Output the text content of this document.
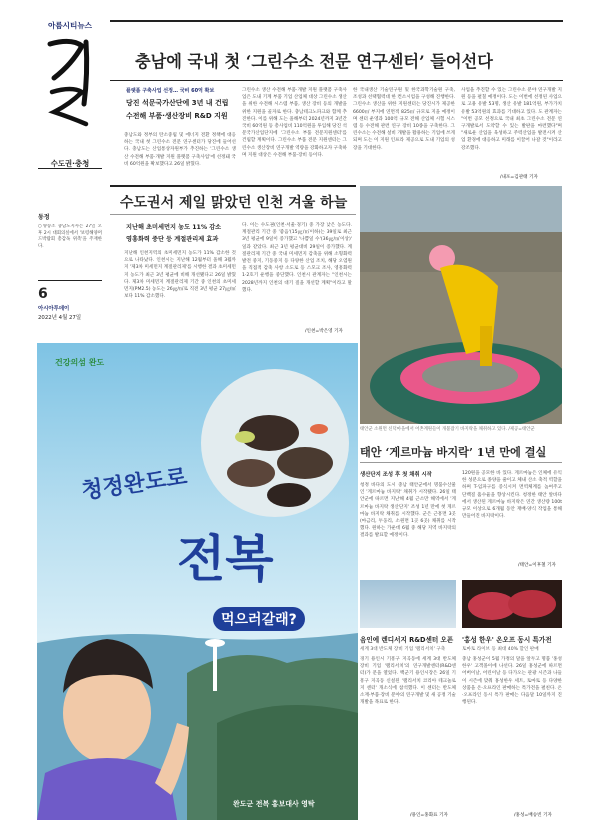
아름시티뉴스
수도권·충청
동정
○양승조 충남도지사는 27일 오후 2시 대회의실에서 '보령해양머드박람회 총감독 위촉'을 주재한다.
6
아시아투데이
2022년 4월 27일
충남에 국내 첫 ‘그린수소 전문 연구센터’ 들어선다
플랫폼 구축사업 선정… 국비 60억 확보
당진 석문국가산단에 3년 내 건립
수전해 부품·생산장비 R&D 지원
충남도와 정부의 탄소중립 및 에너지 전환 정책에 대응하는 국내 첫 그린수소 전문 연구센터가 당진에 들어선다. 충남도는 산업통상자원부가 추진하는 '그린수소 생산 수전해 부품·개발 지원 플랫폼 구축사업'에 선정돼 국비 60억원을 확보했다고 26일 밝혔다.
그린수소 생산 수전해 부품·개발 지원 플랫폼 구축사업은 도내 기계 부품 기업 산업체 대상 그린수소 생산을 위한 수전해 시스템 부품, 생산 장비 등의 개발을 위한 지원을 골자로 한다. 충남테크노파크와 함께 추진한다. 이를 위해 도는 올해부터 2024년까지 3년간 국비 60억원 등 총사업비 110억원을 투입해 당진 석문국가산업단지에 '그린수소 부품 전문지원센터'를 건립할 계획이다. 그린수소 부품 전문 지원센터는 그린수소 생산장비 연구개발 역량을 강화하고자 구축하며 지원 대상은 수전해 부품·장비 등이다.
한 국내생산 기술연구원 및 한국과학기술원 구축, 조성과 선택협력대 한 컨소시엄을 구성해 진행한다. 그린수소 생산을 위한 지원센터는 당진시가 제공한 6600㎡ 부지에 연면적 825㎡ 규모로 지을 예정이며 센터 운영과 100억 규모 전해 산업체 시험 시스템 등 수전해 관련 연구 장비 10종을 구축한다. 그린수소는 수전해 설비 개발을 활용하는 기업에 쓰게 되며 도는 이 지원 인프라 제공으로 도내 기업의 성장을 기대한다.
사업을 추진할 수 있는 그린수소 분야 연구개발 지원 등을 펼칠 예정이다. 도는 이번에 선정된 사업으로 고용 유발 53명, 생산 유발 181억원, 부가가치 유발 53억원의 효과를 기대하고 있다. 도 관계자는 "이번 공모 선정으로 국내 최초 그린수소 전문 연구개발로서 도약할 수 있는 발판을 마련했다"며 "새로운 산업을 육성하고 주력산업을 발전시켜 산업 환경에 대응하고 미래를 이끌어 나갈 것"이라고 강조했다.
/내포=김관태 기자
수도권서 제일 맑았던 인천 겨울 하늘
지난해 초미세먼지 농도 11% 감소
영흥화력 중단 등 계절관리제 효과
지난해 인천지역의 초미세먼지 농도가 11% 감소한 것으로 나타났다. 인천시는 지난해 12월부터 올해 3월까지 '제3차 미세먼지 계절관리제'를 시행한 결과 초미세먼지 농도가 최근 3년 평균에 비해 개선됐다고 26일 밝혔다. 제3차 미세먼지 계절관리제 기간 중 인천의 초미세먼지(PM2.5) 농도는 26㎍/㎥로 직전 3년 평균 27㎍/㎥보다 11% 감소했다.
다. 이는 수도권(인천·서울·경기) 중 가장 낮은 농도다. 계절관리 기간 중 '좋음'(15㎍/㎥이하)는 39일로 최근 3년 평균에 9일이 증가했고 '나쁨일 수'(36㎍/㎥이상)' 일과 같았다. 최근 3년 평균대비 29일이 증가했다. 계절관리제 기간 중 국내 미세먼지 감축을 위해 소형화력발전 중지, 기동중지 등 다양한 산업 조치, 해당 오염원을 직접적 감축 사항 소도로 등 스모크 조사, 영흥화력 1·2호기 운행을 중단했다. 인천시 관계자는 "인천시는 2028년까지 인천의 대기 질을 개선할 계획"이라고 말했다.
/인천=박은영 기자
건강의섬 완도
청정완도로
전복
먹으러갈래?
완도군 전복 홍보대사 영탁
태안군 소원면 신덕마을에서 어촌계원들이 개불잡기 바지락을 채취하고 있다. /제공=태안군
태안 ‘게르마늄 바지락’ 1년 만에 결실
생산단지 조성 후 첫 채취 시작
청정 바다의 도시 충남 태안군에서 명품수산물인 '게르마늄 바지락' 채취가 시작됐다. 26일 태안군에 따르면 지난해 4월 근소만 해역에서 '게르마늄 바지락 생산단지' 조성 1년 만에 첫 게르마늄 바지락 채취를 시작했다. 군은 근흥면 3곳(마금리, 두웅리, 소원면 1곳 6곳) 채취를 시작했다. 원하는 가운데 6월 중 해당 지역 바지락의 결과를 발표할 예정이다.
120원을 공모한 바 있다. 게르마늄은 인체에 유익한 성분으로 종양을 줄이고 체내 산소 축적 역할을 하며 T-임파구를 증식시켜 면역체계를 높여주고 단백질 흡수율을 향상시킨다. 청정한 태안 앞바다에서 생산된 게르마늄 바지락은 연간 생산량 100t 규모 이상으로 6개월 동안 재배·양식 작업을 통해 만들어진 바지락이다.
/태안=이후철 기자
음인에 렌디서지 R&D센터 오픈
세계 3대 반도체 장비 기업 '램리서치' 구축
경기 용인시 기흥구 지곡동에 세계 3대 반도체 장비 기업 '램리서치'의 연구개발센터(R&D센터)가 문을 열었다. 백군기 용인시장은 26일 기흥구 지곡동 신설된 '램리서치 코리아 테크놀로지 센터' 개소식에 참석했다. 이 센터는 반도체 소재·부품·장비 분야의 연구개발 및 새 공정 기술 개발을 목표로 한다.
/용인=홍화표 기자
'홍성 한우' 온오프 동시 특가전
토마토 라이브 등 최대 40% 할인 판매
충남 홍성군이 5월 가정의 달을 앞두고 명품 '홍성한우' 고객몰이에 나선다. 26일 홍성군에 따르면 어버이날, 어린이날 등 다가오는 관광 시즌과 나들이 시즌에 맞춰 홍성한우 세트, 토마토 등 다양한 상품을 온·오프라인 판매하는 특가전을 펼친다. 온·오프라인 동시 특가 판매는 다음달 10일까지 진행된다.
/홍성=배승빈 기자
